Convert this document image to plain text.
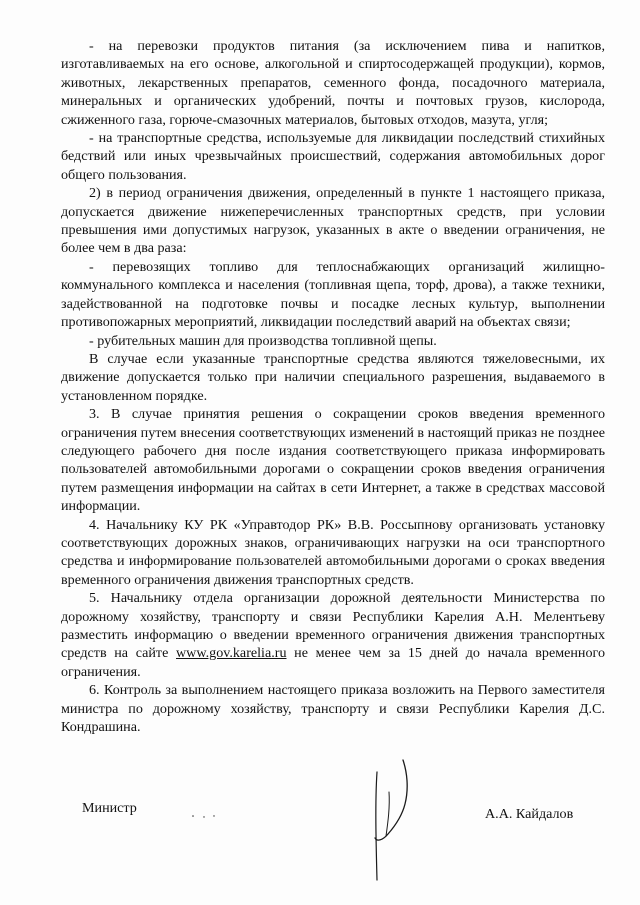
- на перевозки продуктов питания (за исключением пива и напитков, изготавливаемых на его основе, алкогольной и спиртосодержащей продукции), кормов, животных, лекарственных препаратов, семенного фонда, посадочного материала, минеральных и органических удобрений, почты и почтовых грузов, кислорода, сжиженного газа, горюче-смазочных материалов, бытовых отходов, мазута, угля;

- на транспортные средства, используемые для ликвидации последствий стихийных бедствий или иных чрезвычайных происшествий, содержания автомобильных дорог общего пользования.

2) в период ограничения движения, определенный в пункте 1 настоящего приказа, допускается движение нижеперечисленных транспортных средств, при условии превышения ими допустимых нагрузок, указанных в акте о введении ограничения, не более чем в два раза:

- перевозящих топливо для теплоснабжающих организаций жилищно-коммунального комплекса и населения (топливная щепа, торф, дрова), а также техники, задействованной на подготовке почвы и посадке лесных культур, выполнении противопожарных мероприятий, ликвидации последствий аварий на объектах связи;

- рубительных машин для производства топливной щепы.

В случае если указанные транспортные средства являются тяжеловесными, их движение допускается только при наличии специального разрешения, выдаваемого в установленном порядке.

3. В случае принятия решения о сокращении сроков введения временного ограничения путем внесения соответствующих изменений в настоящий приказ не позднее следующего рабочего дня после издания соответствующего приказа информировать пользователей автомобильными дорогами о сокращении сроков введения ограничения путем размещения информации на сайтах в сети Интернет, а также в средствах массовой информации.

4. Начальнику КУ РК «Управтодор РК» В.В. Россыпнову организовать установку соответствующих дорожных знаков, ограничивающих нагрузки на оси транспортного средства и информирование пользователей автомобильными дорогами о сроках введения временного ограничения движения транспортных средств.

5. Начальнику отдела организации дорожной деятельности Министерства по дорожному хозяйству, транспорту и связи Республики Карелия А.Н. Мелентьеву разместить информацию о введении временного ограничения движения транспортных средств на сайте www.gov.karelia.ru не менее чем за 15 дней до начала временного ограничения.

6. Контроль за выполнением настоящего приказа возложить на Первого заместителя министра по дорожному хозяйству, транспорту и связи Республики Карелия Д.С. Кондрашина.

Министр	А.А. Кайдалов
